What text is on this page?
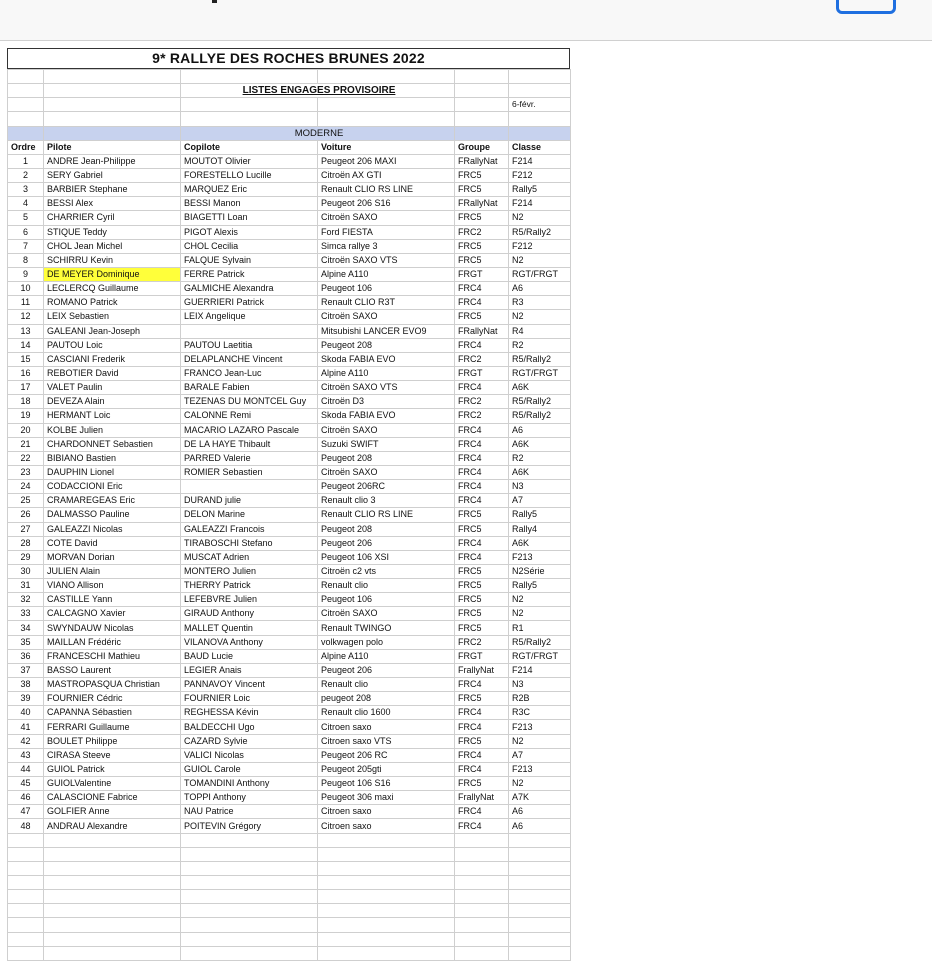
9* RALLYE DES ROCHES BRUNES 2022

		LISTES ENGAGES PROVISOIRE			
					6-févr.

		MODERNE			
Ordre	Pilote	Copilote	Voiture	Groupe	Classe
1	ANDRE Jean-Philippe	MOUTOT Olivier	Peugeot 206 MAXI	FRallyNat	F214
2	SERY Gabriel	FORESTELLO Lucille	Citroën AX GTI	FRC5	F212
3	BARBIER Stephane	MARQUEZ Eric	Renault CLIO RS LINE	FRC5	Rally5
4	BESSI Alex	BESSI Manon	Peugeot 206 S16	FRallyNat	F214
5	CHARRIER Cyril	BIAGETTI Loan	Citroën SAXO	FRC5	N2
6	STIQUE Teddy	PIGOT Alexis	Ford FIESTA	FRC2	R5/Rally2
7	CHOL Jean Michel	CHOL Cecilia	Simca rallye 3	FRC5	F212
8	SCHIRRU Kevin	FALQUE Sylvain	Citroën SAXO VTS	FRC5	N2
9	DE MEYER Dominique	FERRE Patrick	Alpine A110	FRGT	RGT/FRGT
10	LECLERCQ Guillaume	GALMICHE Alexandra	Peugeot 106	FRC4	A6
11	ROMANO Patrick	GUERRIERI Patrick	Renault CLIO R3T	FRC4	R3
12	LEIX Sebastien	LEIX Angelique	Citroën SAXO	FRC5	N2
13	GALEANI Jean-Joseph		Mitsubishi LANCER EVO9	FRallyNat	R4
14	PAUTOU Loic	PAUTOU Laetitia	Peugeot 208	FRC4	R2
15	CASCIANI Frederik	DELAPLANCHE Vincent	Skoda FABIA EVO	FRC2	R5/Rally2
16	REBOTIER David	FRANCO Jean-Luc	Alpine A110	FRGT	RGT/FRGT
17	VALET Paulin	BARALE Fabien	Citroën SAXO VTS	FRC4	A6K
18	DEVEZA Alain	TEZENAS DU MONTCEL Guy	Citroën D3	FRC2	R5/Rally2
19	HERMANT Loic	CALONNE Remi	Skoda FABIA EVO	FRC2	R5/Rally2
20	KOLBE Julien	MACARIO LAZARO Pascale	Citroën SAXO	FRC4	A6
21	CHARDONNET Sebastien	DE LA HAYE Thibault	Suzuki SWIFT	FRC4	A6K
22	BIBIANO Bastien	PARRED Valerie	Peugeot 208	FRC4	R2
23	DAUPHIN Lionel	ROMIER Sebastien	Citroën SAXO	FRC4	A6K
24	CODACCIONI Eric		Peugeot 206RC	FRC4	N3
25	CRAMAREGEAS Eric	DURAND julie	Renault clio 3	FRC4	A7
26	DALMASSO Pauline	DELON Marine	Renault CLIO RS LINE	FRC5	Rally5
27	GALEAZZI Nicolas	GALEAZZI Francois	Peugeot 208	FRC5	Rally4
28	COTE David	TIRABOSCHI Stefano	Peugeot 206	FRC4	A6K
29	MORVAN Dorian	MUSCAT Adrien	Peugeot 106 XSI	FRC4	F213
30	JULIEN Alain	MONTERO Julien	Citroën c2 vts	FRC5	N2Série
31	VIANO Allison	THERRY Patrick	Renault clio	FRC5	Rally5
32	CASTILLE Yann	LEFEBVRE Julien	Peugeot 106	FRC5	N2
33	CALCAGNO Xavier	GIRAUD Anthony	Citroën SAXO	FRC5	N2
34	SWYNDAUW Nicolas	MALLET Quentin	Renault TWINGO	FRC5	R1
35	MAILLAN Frédéric	VILANOVA Anthony	volkwagen polo	FRC2	R5/Rally2
36	FRANCESCHI Mathieu	BAUD Lucie	Alpine A110	FRGT	RGT/FRGT
37	BASSO Laurent	LEGIER Anais	Peugeot 206	FrallyNat	F214
38	MASTROPASQUA Christian	PANNAVOY Vincent	Renault clio	FRC4	N3
39	FOURNIER Cédric	FOURNIER Loic	peugeot 208	FRC5	R2B
40	CAPANNA Sébastien	REGHESSA Kévin	Renault clio 1600	FRC4	R3C
41	FERRARI Guillaume	BALDECCHI Ugo	Citroen saxo	FRC4	F213
42	BOULET Philippe	CAZARD Sylvie	Citroen saxo VTS	FRC5	N2
43	CIRASA Steeve	VALICI Nicolas	Peugeot 206 RC	FRC4	A7
44	GUIOL Patrick	GUIOL Carole	Peugeot 205gti	FRC4	F213
45	GUIOLValentine	TOMANDINI Anthony	Peugeot 106 S16	FRC5	N2
46	CALASCIONE Fabrice	TOPPI Anthony	Peugeot 306 maxi	FrallyNat	A7K
47	GOLFIER Anne	NAU Patrice	Citroen saxo	FRC4	A6
48	ANDRAU Alexandre	POITEVIN Grégory	Citroen saxo	FRC4	A6
